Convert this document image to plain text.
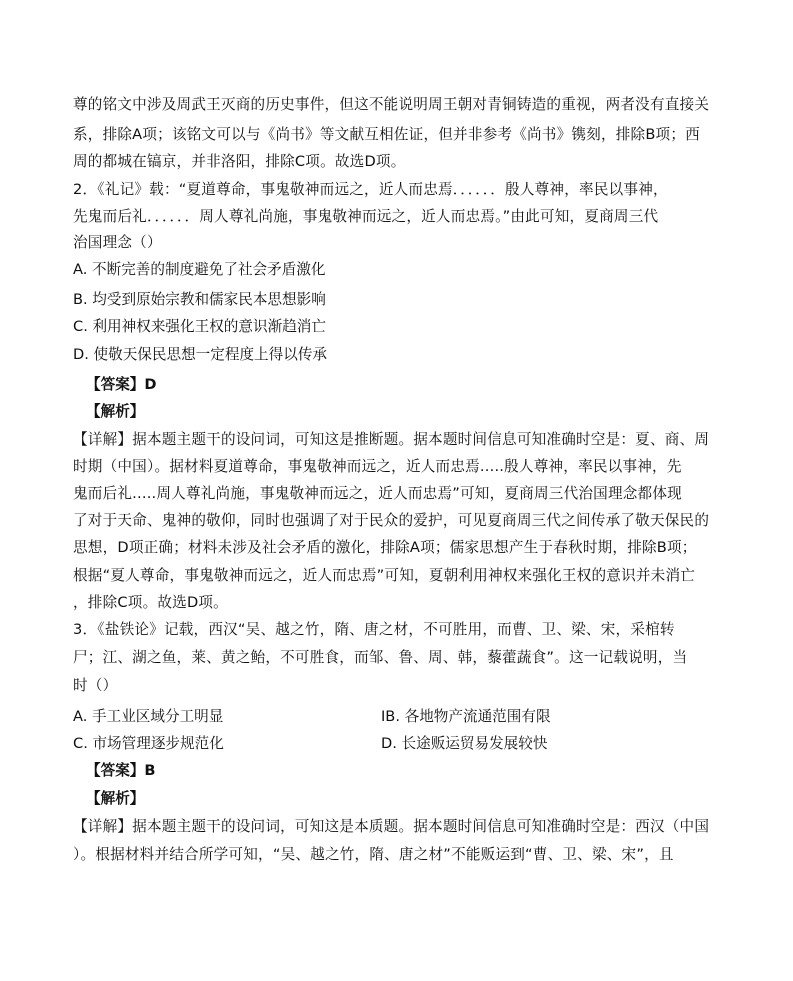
尊的铭文中涉及周武王灭商的历史事件，但这不能说明周王朝对青铜铸造的重视，两者没有直接关
系，排除A项；该铭文可以与《尚书》等文献互相佐证，但并非参考《尚书》镌刻，排除B项；西
周的都城在镐京，并非洛阳，排除C项。故选D项。
2．《礼记》载：“夏道尊命，事鬼敬神而远之，近人而忠焉．．．．．．殷人尊神，率民以事神，
先鬼而后礼．．．．．．周人尊礼尚施，事鬼敬神而远之，近人而忠焉。”由此可知，夏商周三代
治国理念（）
A. 不断完善的制度避免了社会矛盾激化
B. 均受到原始宗教和儒家民本思想影响
C. 利用神权来强化王权的意识渐趋消亡
D. 使敬天保民思想一定程度上得以传承
【答案】D
【解析】
【详解】据本题主题干的设问词，可知这是推断题。据本题时间信息可知准确时空是：夏、商、周
时期（中国）。据材料夏道尊命，事鬼敬神而远之，近人而忠焉.....殷人尊神，率民以事神，先
鬼而后礼.....周人尊礼尚施，事鬼敬神而远之，近人而忠焉”可知，夏商周三代治国理念都体现
了对于天命、鬼神的敬仰，同时也强调了对于民众的爱护，可见夏商周三代之间传承了敬天保民的
思想，D项正确；材料未涉及社会矛盾的激化，排除A项；儒家思想产生于春秋时期，排除B项；
根据“夏人尊命，事鬼敬神而远之，近人而忠焉”可知，夏朝利用神权来强化王权的意识并未消亡
，排除C项。故选D项。
3．《盐铁论》记载，西汉“吴、越之竹，隋、唐之材，不可胜用，而曹、卫、梁、宋，采棺转
尸；江、湖之鱼，莱、黄之鲐，不可胜食，而邹、鲁、周、韩，藜藿蔬食”。这一记载说明，当
时（）
A. 手工业区域分工明显	IB. 各地物产流通范围有限
C. 市场管理逐步规范化	D. 长途贩运贸易发展较快
【答案】B
【解析】
【详解】据本题主题干的设问词，可知这是本质题。据本题时间信息可知准确时空是：西汉（中国
）。根据材料并结合所学可知，“吴、越之竹，隋、唐之材”不能贩运到“曹、卫、梁、宋”，且
